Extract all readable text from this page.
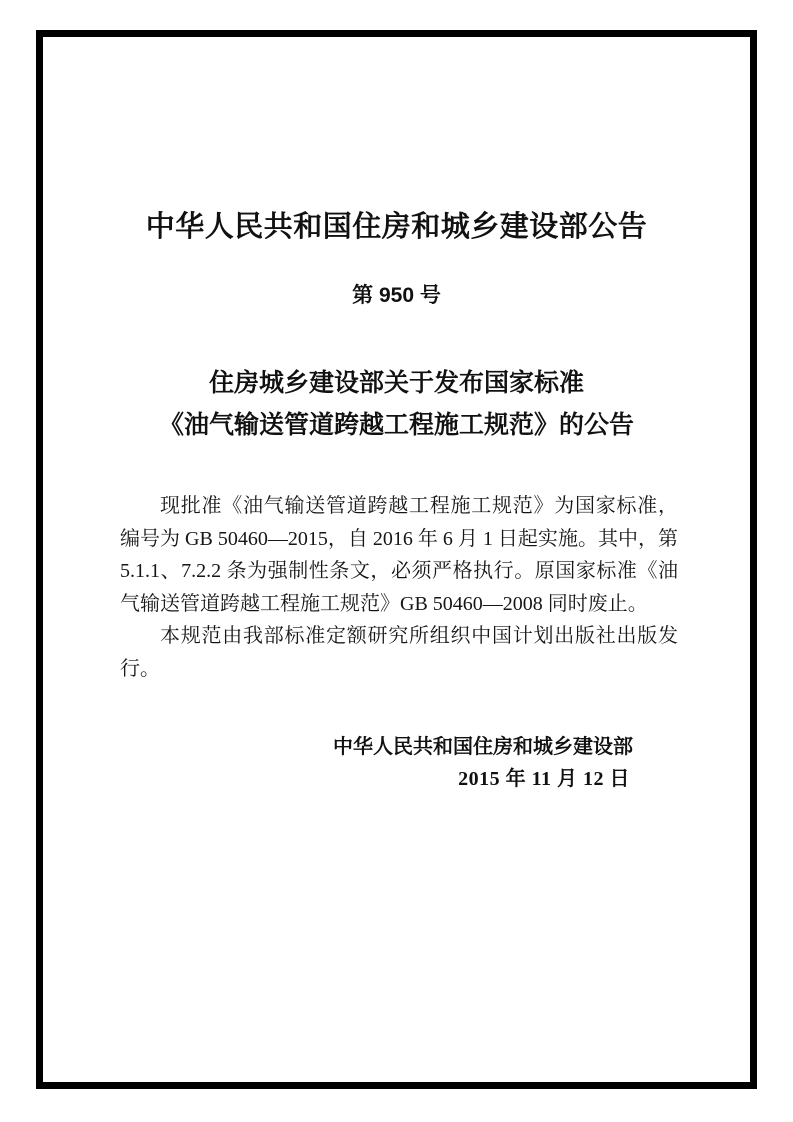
中华人民共和国住房和城乡建设部公告
第 950 号
住房城乡建设部关于发布国家标准
《油气输送管道跨越工程施工规范》的公告

现批准《油气输送管道跨越工程施工规范》为国家标准，编号为 GB 50460—2015，自 2016 年 6 月 1 日起实施。其中，第 5.1.1、7.2.2 条为强制性条文，必须严格执行。原国家标准《油气输送管道跨越工程施工规范》GB 50460—2008 同时废止。

本规范由我部标准定额研究所组织中国计划出版社出版发行。

中华人民共和国住房和城乡建设部
2015 年 11 月 12 日
